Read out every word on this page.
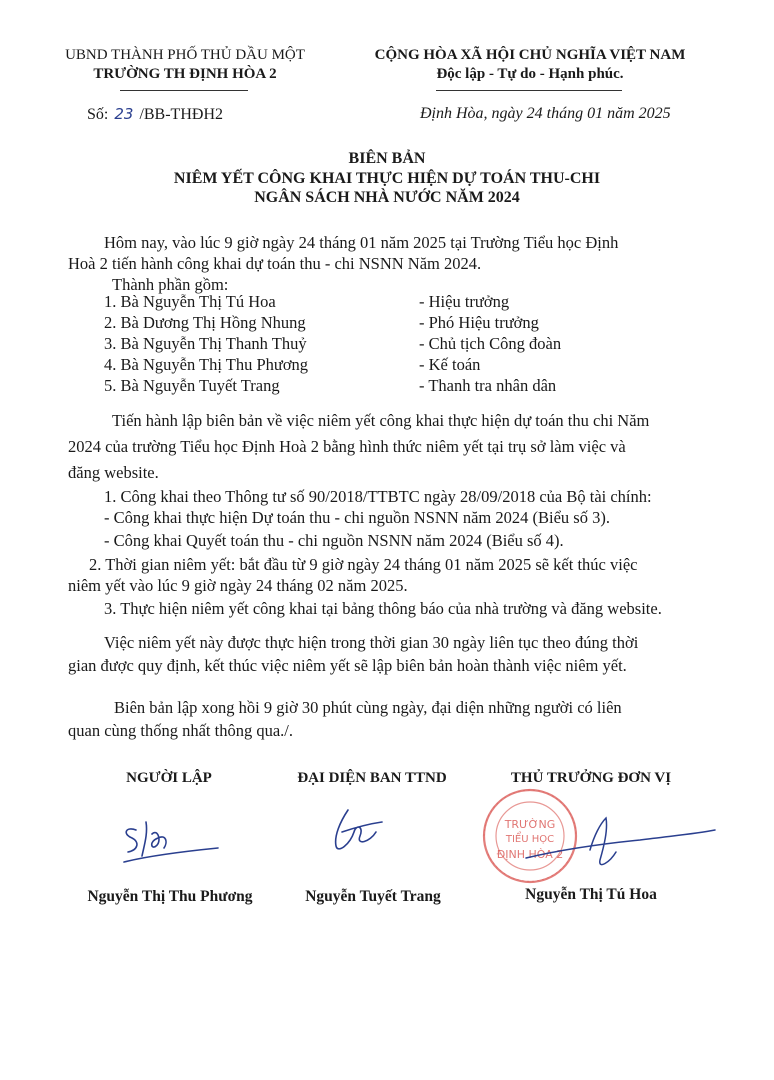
UBND THÀNH PHỐ THỦ DẦU MỘT
TRƯỜNG TH ĐỊNH HÒA 2
CỘNG HÒA XÃ HỘI CHỦ NGHĨA VIỆT NAM
Độc lập - Tự do - Hạnh phúc.
Số: 23 /BB-THĐH2	Định Hòa, ngày 24 tháng 01 năm 2025
BIÊN BẢN
NIÊM YẾT CÔNG KHAI THỰC HIỆN DỰ TOÁN THU-CHI
NGÂN SÁCH NHÀ NƯỚC NĂM 2024
Hôm nay, vào lúc 9 giờ ngày 24 tháng 01 năm 2025 tại Trường Tiểu học Định
Hoà 2 tiến hành công khai dự toán thu - chi NSNN Năm 2024.
Thành phần gồm:
1. Bà Nguyễn Thị Tú Hoa	- Hiệu trưởng
2. Bà Dương Thị Hồng Nhung	- Phó Hiệu trưởng
3. Bà Nguyễn Thị Thanh Thuỷ	- Chủ tịch Công đoàn
4. Bà Nguyễn Thị Thu Phương	- Kế toán
5. Bà Nguyễn Tuyết Trang	- Thanh tra nhân dân
Tiến hành lập biên bản về việc niêm yết công khai thực hiện dự toán thu chi Năm
2024 của trường Tiểu học Định Hoà 2 bằng hình thức niêm yết tại trụ sở làm việc và
đăng website.
1. Công khai theo Thông tư số 90/2018/TTBTC ngày 28/09/2018 của Bộ tài chính:
- Công khai thực hiện Dự toán thu - chi nguồn NSNN năm 2024 (Biểu số 3).
- Công khai Quyết toán thu - chi nguồn NSNN năm 2024 (Biểu số 4).
2. Thời gian niêm yết: bắt đầu từ 9 giờ ngày 24 tháng 01 năm 2025 sẽ kết thúc việc
niêm yết vào lúc 9 giờ ngày 24 tháng 02 năm 2025.
3. Thực hiện niêm yết công khai tại bảng thông báo của nhà trường và đăng website.
Việc niêm yết này được thực hiện trong thời gian 30 ngày liên tục theo đúng thời
gian được quy định, kết thúc việc niêm yết sẽ lập biên bản hoàn thành việc niêm yết.
Biên bản lập xong hồi 9 giờ 30 phút cùng ngày, đại diện những người có liên
quan cùng thống nhất thông qua./.
NGƯỜI LẬP	ĐẠI DIỆN BAN TTND	THỦ TRƯỞNG ĐƠN VỊ
TRƯỜNG
TIỂU HỌC
ĐỊNH HÒA 2
Nguyễn Thị Thu Phương	Nguyễn Tuyết Trang	Nguyễn Thị Tú Hoa
